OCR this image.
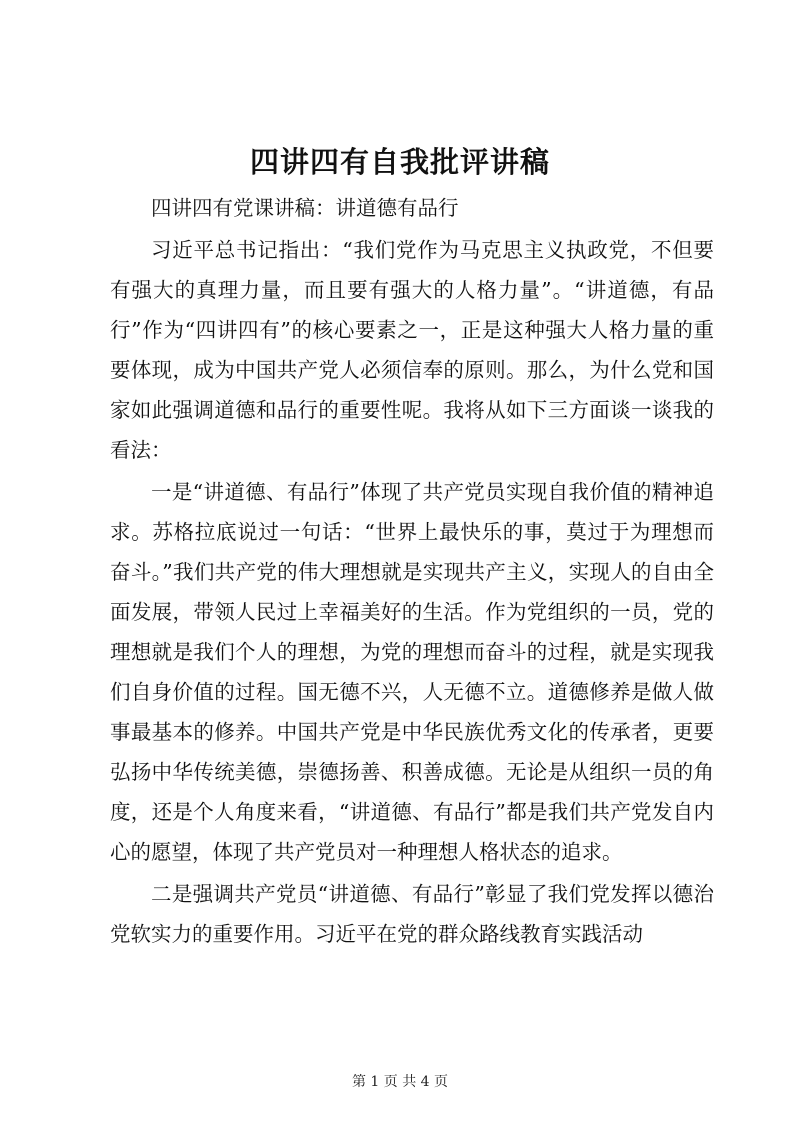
四讲四有自我批评讲稿

四讲四有党课讲稿：讲道德有品行

习近平总书记指出：“我们党作为马克思主义执政党，不但要有强大的真理力量，而且要有强大的人格力量”。“讲道德，有品行”作为“四讲四有”的核心要素之一，正是这种强大人格力量的重要体现，成为中国共产党人必须信奉的原则。那么，为什么党和国家如此强调道德和品行的重要性呢。我将从如下三方面谈一谈我的看法：

一是“讲道德、有品行”体现了共产党员实现自我价值的精神追求。苏格拉底说过一句话：“世界上最快乐的事，莫过于为理想而奋斗。”我们共产党的伟大理想就是实现共产主义，实现人的自由全面发展，带领人民过上幸福美好的生活。作为党组织的一员，党的理想就是我们个人的理想，为党的理想而奋斗的过程，就是实现我们自身价值的过程。国无德不兴，人无德不立。道德修养是做人做事最基本的修养。中国共产党是中华民族优秀文化的传承者，更要弘扬中华传统美德，崇德扬善、积善成德。无论是从组织一员的角度，还是个人角度来看，“讲道德、有品行”都是我们共产党发自内心的愿望，体现了共产党员对一种理想人格状态的追求。

二是强调共产党员“讲道德、有品行”彰显了我们党发挥以德治党软实力的重要作用。习近平在党的群众路线教育实践活动

第 1 页 共 4 页
